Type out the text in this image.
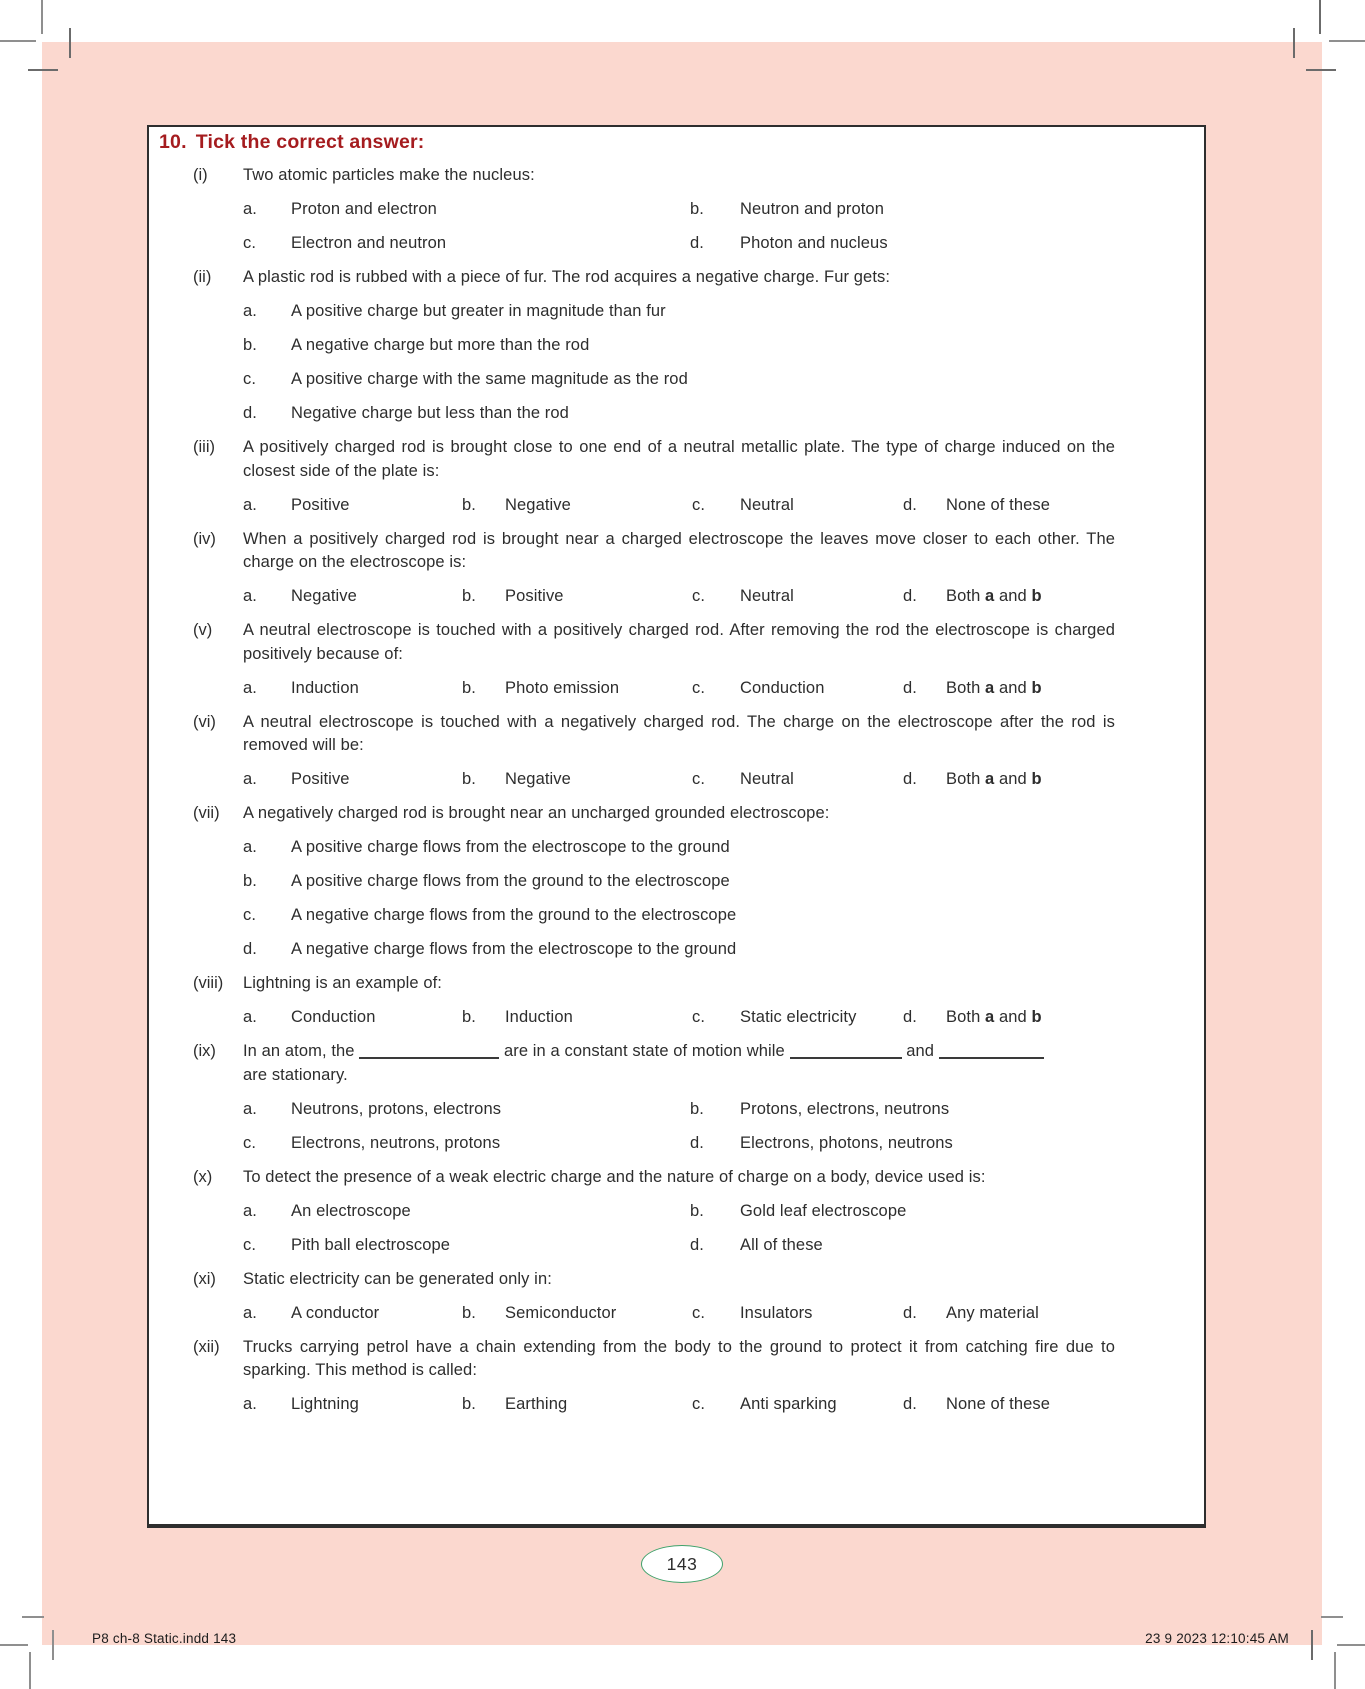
10. Tick the correct answer:
(i)	Two atomic particles make the nucleus:
a.	Proton and electron	b.	Neutron and proton
c.	Electron and neutron	d.	Photon and nucleus
(ii)	A plastic rod is rubbed with a piece of fur. The rod acquires a negative charge. Fur gets:
a.	A positive charge but greater in magnitude than fur
b.	A negative charge but more than the rod
c.	A positive charge with the same magnitude as the rod
d.	Negative charge but less than the rod
(iii)	A positively charged rod is brought close to one end of a neutral metallic plate. The type of charge induced on the closest side of the plate is:
a.	Positive	b.	Negative	c.	Neutral	d.	None of these
(iv)	When a positively charged rod is brought near a charged electroscope the leaves move closer to each other. The charge on the electroscope is:
a.	Negative	b.	Positive	c.	Neutral	d.	Both a and b
(v)	A neutral electroscope is touched with a positively charged rod. After removing the rod the electroscope is charged positively because of:
a.	Induction	b.	Photo emission	c.	Conduction	d.	Both a and b
(vi)	A neutral electroscope is touched with a negatively charged rod. The charge on the electroscope after the rod is removed will be:
a.	Positive	b.	Negative	c.	Neutral	d.	Both a and b
(vii)	A negatively charged rod is brought near an uncharged grounded electroscope:
a.	A positive charge flows from the electroscope to the ground
b.	A positive charge flows from the ground to the electroscope
c.	A negative charge flows from the ground to the electroscope
d.	A negative charge flows from the electroscope to the ground
(viii)	Lightning is an example of:
a.	Conduction	b.	Induction	c.	Static electricity	d.	Both a and b
(ix)	In an atom, the	are in a constant state of motion while	and
are stationary.
a.	Neutrons, protons, electrons	b.	Protons, electrons, neutrons
c.	Electrons, neutrons, protons	d.	Electrons, photons, neutrons
(x)	To detect the presence of a weak electric charge and the nature of charge on a body, device used is:
a.	An electroscope	b.	Gold leaf electroscope
c.	Pith ball electroscope	d.	All of these
(xi)	Static electricity can be generated only in:
a.	A conductor	b.	Semiconductor	c.	Insulators	d.	Any material
(xii)	Trucks carrying petrol have a chain extending from the body to the ground to protect it from catching fire due to sparking. This method is called:
a.	Lightning	b.	Earthing	c.	Anti sparking	d.	None of these
143
P8 ch-8 Static.indd 143	23 9 2023 12:10:45 AM
